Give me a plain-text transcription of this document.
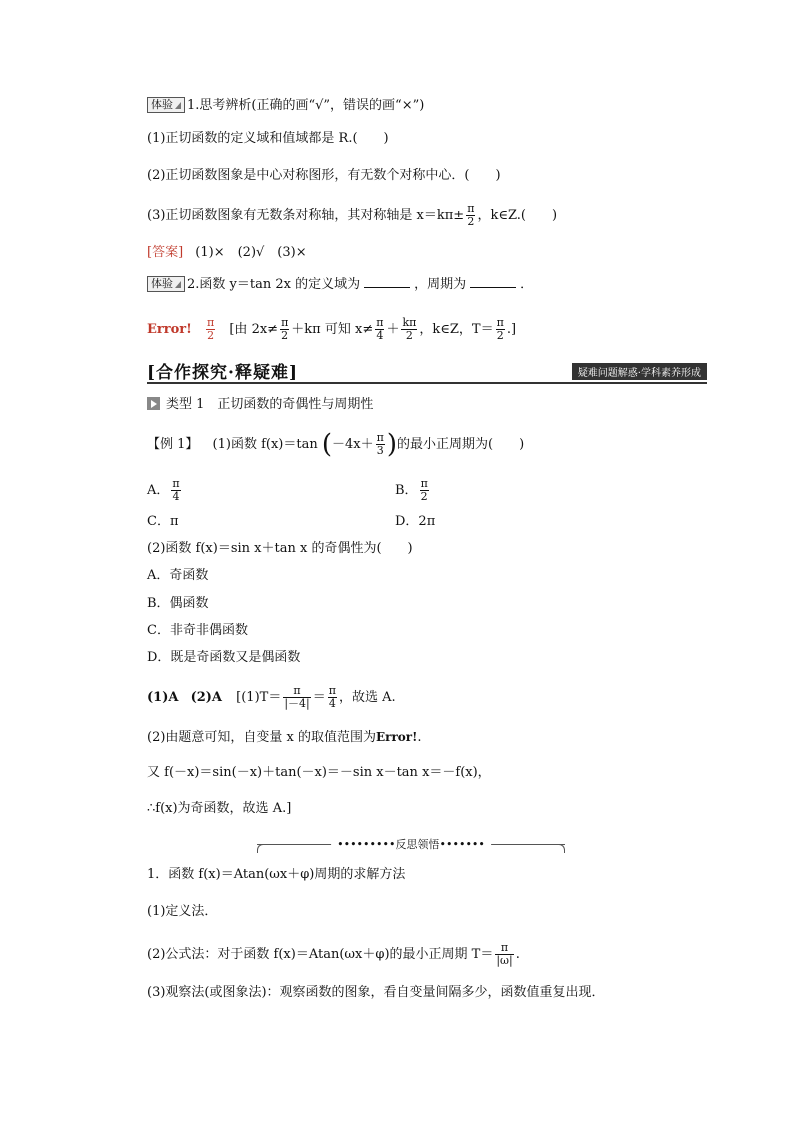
体验 1.思考辨析(正确的画“√”，错误的画“×”)
(1)正切函数的定义域和值域都是 R.(　　)
(2)正切函数图象是中心对称图形，有无数个对称中心．(　　)
(3)正切函数图象有无数条对称轴，其对称轴是 $x=k\pi\pm \frac{\pi}{2}$ ，k∈Z.(　　)
[答案] (1)×　(2)√　(3)×
体验 2.函数 y＝tan 2x 的定义域为	，周期为	．
Error! $\frac{\pi}{2}$ [由 $2x\ne \frac{\pi}{2} +k\pi$ 可知 $x\ne \frac{\pi}{4} + \frac{k\pi}{2}$ ，k∈Z，$T= \frac{\pi}{2}$ .]
[合作探究·释疑难]	疑难问题解惑·学科素养形成
类型 1　正切函数的奇偶性与周期性
【例 1】 (1)函数 f(x)＝tan ($-4x+ \frac{\pi}{3}$ )的最小正周期为(　　)
A． $\frac{\pi}{4}$	B． $\frac{\pi}{2}$
C．π	D．2π
(2)函数 f(x)＝sin x＋tan x 的奇偶性为(　　)
A．奇函数
B．偶函数
C．非奇非偶函数
D．既是奇函数又是偶函数
(1)A (2)A [$(1)T= \frac{\pi}{|-4|} = \frac{\pi}{4}$ ，故选 A.
(2)由题意可知，自变量 x 的取值范围为Error!.
又 f(－x)＝sin(－x)＋tan(－x)＝－sin x－tan x＝－f(x)，
∴f(x)为奇函数，故选 A.]
•••••••••反思领悟•••••••
1．函数 f(x)＝Atan(ωx＋φ)周期的求解方法
(1)定义法．
(2)公式法：对于函数 f(x)＝Atan(ωx＋φ)的最小正周期 $T= \frac{\pi}{|\omega|}$ .
(3)观察法(或图象法)：观察函数的图象，看自变量间隔多少，函数值重复出现．
